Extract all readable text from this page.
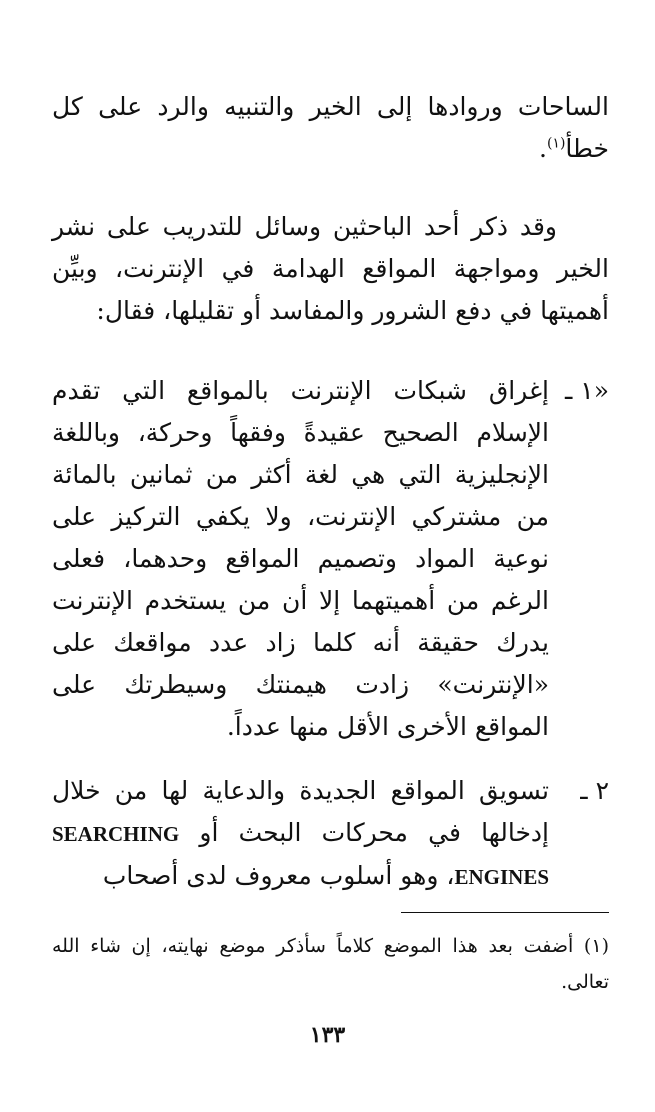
الساحات وروادها إلى الخير والتنبيه والرد على كل خطأ$^{(١)}$.

وقد ذكر أحد الباحثين وسائل للتدريب على نشر الخير ومواجهة المواقع الهدامة في الإنترنت، وبيِّن أهميتها في دفع الشرور والمفاسد أو تقليلها، فقال:

«١ ـ
إغراق شبكات الإنترنت بالمواقع التي تقدم الإسلام الصحيح عقيدةً وفقهاً وحركة، وباللغة الإنجليزية التي هي لغة أكثر من ثمانين بالمائة من مشتركي الإنترنت، ولا يكفي التركيز على نوعية المواد وتصميم المواقع وحدهما، فعلى الرغم من أهميتهما إلا أن من يستخدم الإنترنت يدرك حقيقة أنه كلما زاد عدد مواقعك على «الإنترنت» زادت هيمنتك وسيطرتك على المواقع الأخرى الأقل منها عدداً.
٢ ـ
تسويق المواقع الجديدة والدعاية لها من خلال إدخالها في محركات البحث أو SEARCHING ENGINES، وهو أسلوب معروف لدى أصحاب

(١) أضفت بعد هذا الموضع كلاماً سأذكر موضع نهايته، إن شاء الله تعالى.

١٣٣
